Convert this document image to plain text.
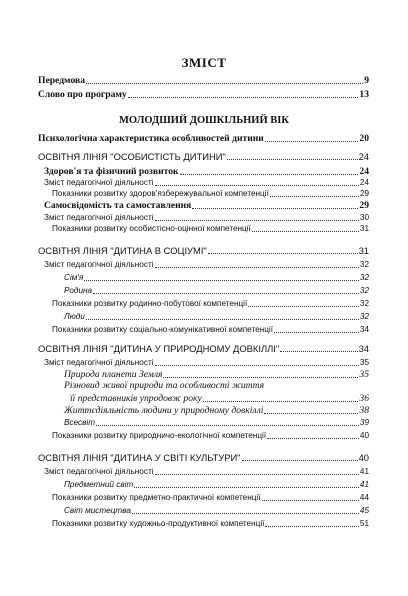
ЗМІСТ
Передмова	9
Слово про програму	13
МОЛОДШИЙ ДОШКІЛЬНИЙ ВІК
Психологічна характеристика особливостей дитини	20
ОСВІТНЯ ЛІНІЯ "ОСОБИСТІСТЬ ДИТИНИ"	24
Здоров'я та фізичний розвиток	24
Зміст педагогічної діяльності	24
Показники розвитку здоров'язбережувальної компетенції	29
Самосвідомість та самоставлення	29
Зміст педагогічної діяльності	30
Показники розвитку особистісно-оцінної компетенції	31
ОСВІТНЯ ЛІНІЯ "ДИТИНА В СОЦІУМІ"	31
Зміст педагогічної діяльності	32
Сім'я	32
Родина	32
Показники розвитку родинно-побутової компетенції	32
Люди	32
Показники розвитку соціально-комунікативної компетенції	34
ОСВІТНЯ ЛІНІЯ "ДИТИНА У ПРИРОДНОМУ ДОВКІЛЛІ"	34
Зміст педагогічної діяльності	35
Природа планети Земля	35
Різновид живої природи та особливості життя
її представників упродовж року	36
Життєдіяльність людини у природному довкіллі	38
Всесвіт	39
Показники розвитку природничо-екологічної компетенції	40
ОСВІТНЯ ЛІНІЯ "ДИТИНА У СВІТІ КУЛЬТУРИ"	40
Зміст педагогічної діяльності	41
Предметний світ	41
Показники розвитку предметно-практичної компетенції	44
Світ мистецтва	45
Показники розвитку художньо-продуктивної компетенції	51
